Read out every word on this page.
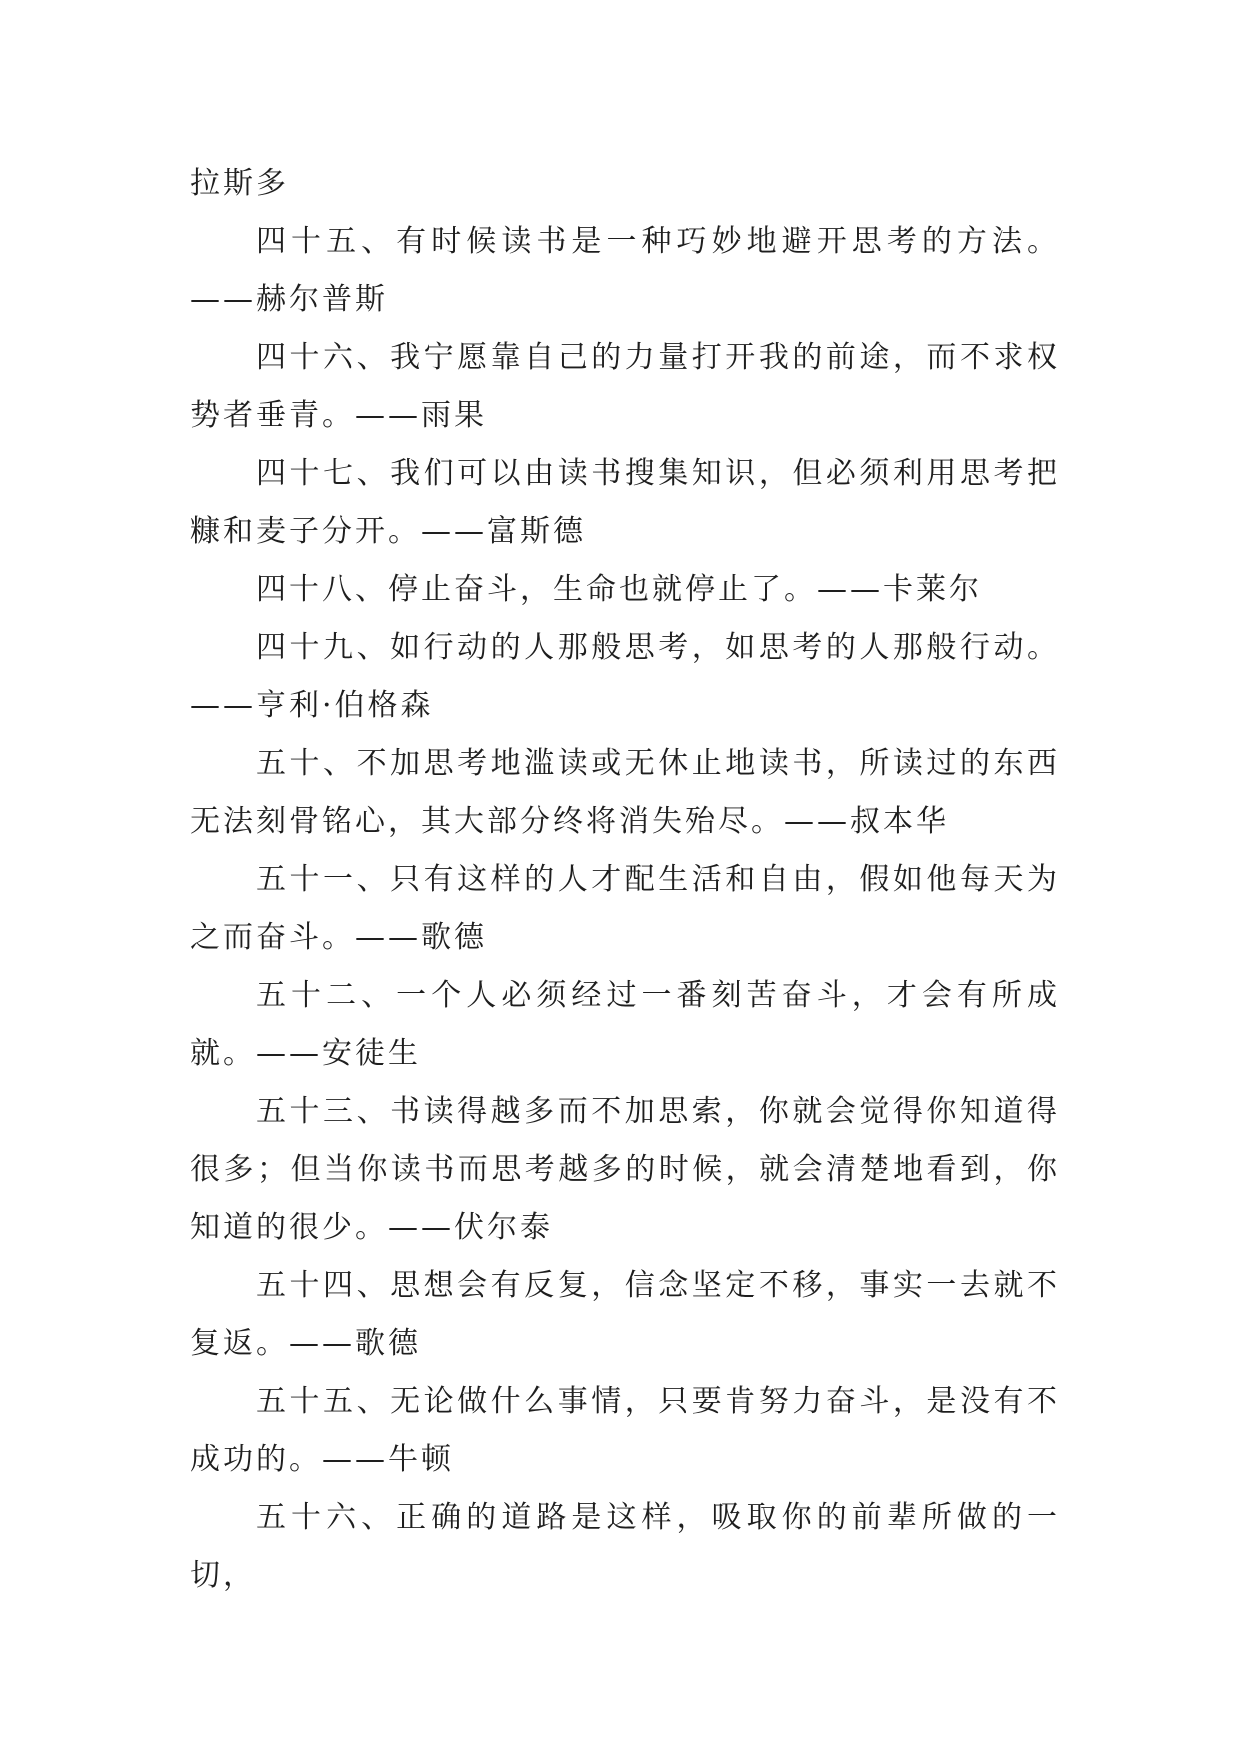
拉斯多

四十五、有时候读书是一种巧妙地避开思考的方法。——赫尔普斯

四十六、我宁愿靠自己的力量打开我的前途，而不求权势者垂青。——雨果

四十七、我们可以由读书搜集知识，但必须利用思考把糠和麦子分开。——富斯德

四十八、停止奋斗，生命也就停止了。——卡莱尔

四十九、如行动的人那般思考，如思考的人那般行动。——亨利·伯格森

五十、不加思考地滥读或无休止地读书，所读过的东西无法刻骨铭心，其大部分终将消失殆尽。——叔本华

五十一、只有这样的人才配生活和自由，假如他每天为之而奋斗。——歌德

五十二、一个人必须经过一番刻苦奋斗，才会有所成就。——安徒生

五十三、书读得越多而不加思索，你就会觉得你知道得很多；但当你读书而思考越多的时候，就会清楚地看到，你知道的很少。——伏尔泰

五十四、思想会有反复，信念坚定不移，事实一去就不复返。——歌德

五十五、无论做什么事情，只要肯努力奋斗，是没有不成功的。——牛顿

五十六、正确的道路是这样，吸取你的前辈所做的一切，
